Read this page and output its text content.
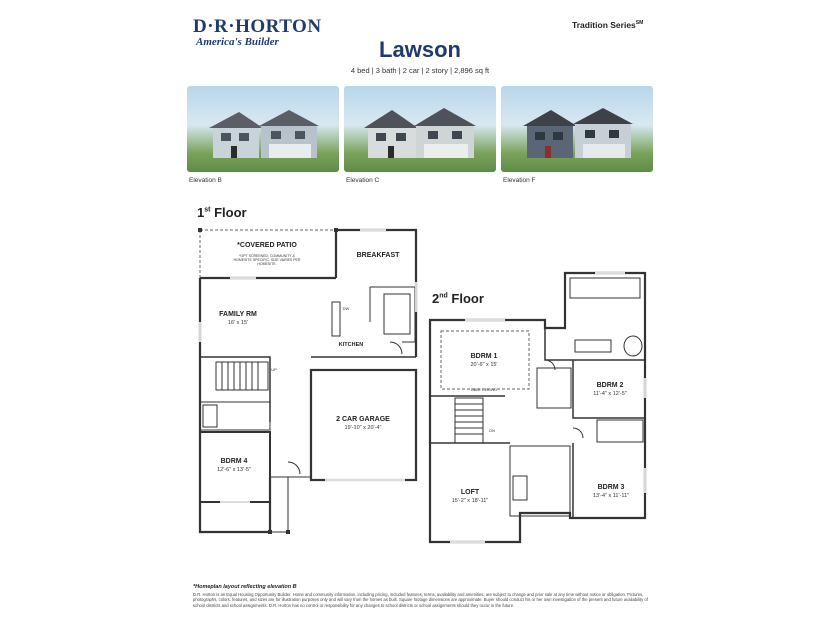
D·R·HORTON
America's Builder
Tradition Series℠
Lawson
4 bed | 3 bath | 2 car | 2 story | 2,896 sq ft
Elevation B	Elevation C	Elevation F
1st Floor
2nd Floor
*COVERED PATIO
*OPT SCREENED, COMMUNITY & HOMESITE SPECIFIC. SIZE VARIES PER HOMESITE.
BREAKFAST
FAMILY RM
16' x 15'
DW
KITCHEN
UP
2 CAR GARAGE
19'-10" x 20'-4"
BDRM 4
12'-6" x 13'-5"
BDRM 1
20'-6" x 15'
DBLE CEILING
DN
BDRM 2
11'-4" x 12'-5"
BDRM 3
13'-4" x 11'-11"
LOFT
15'-2" x 18'-11"
*Homeplan layout reflecting elevation B
D.R. Horton is an Equal Housing Opportunity Builder. Home and community information, including pricing, included features, terms, availability and amenities, are subject to change and prior sale at any time without notice or obligation. Pictures, photographs, colors, features, and sizes are for illustration purposes only and will vary from the homes as built. Square footage dimensions are approximate. Buyer should conduct his or her own investigation of the present and future availability of school districts and school assignments. D.R. Horton has no control or responsibility for any changes to school districts or school assignments should they occur in the future.
